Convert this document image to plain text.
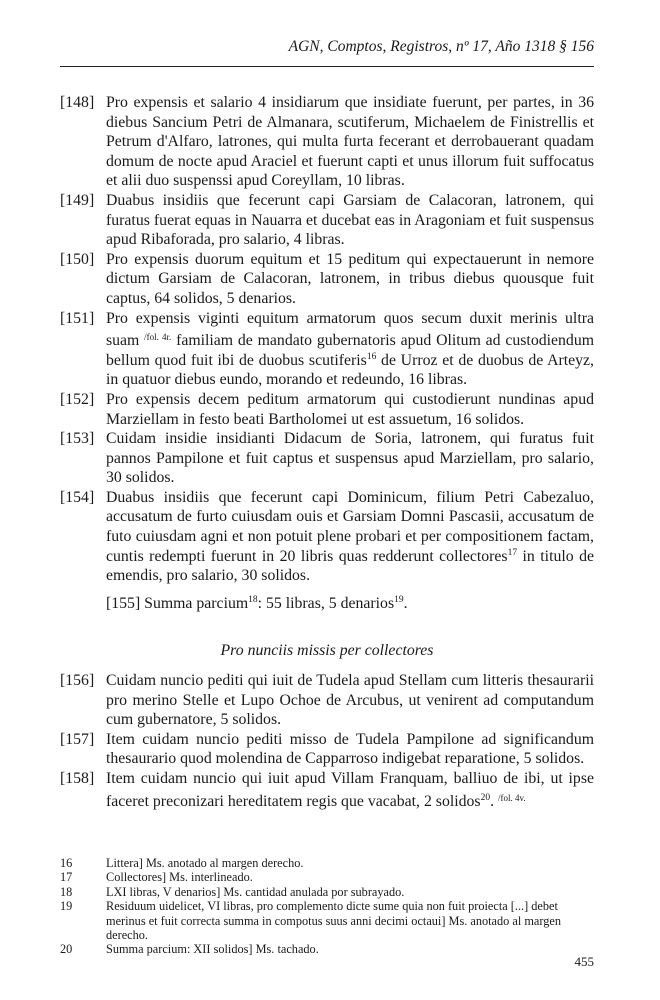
AGN, Comptos, Registros, nº 17, Año 1318 § 156
[148] Pro expensis et salario 4 insidiarum que insidiate fuerunt, per partes, in 36 diebus Sancium Petri de Almanara, scutiferum, Michaelem de Finistrellis et Petrum d'Alfaro, latrones, qui multa furta fecerant et derrobauerant quadam domum de nocte apud Araciel et fuerunt capti et unus illorum fuit suffocatus et alii duo suspenssi apud Coreyllam, 10 libras.
[149] Duabus insidiis que fecerunt capi Garsiam de Calacoran, latronem, qui furatus fuerat equas in Nauarra et ducebat eas in Aragoniam et fuit suspensus apud Ribaforada, pro salario, 4 libras.
[150] Pro expensis duorum equitum et 15 peditum qui expectauerunt in nemore dictum Garsiam de Calacoran, latronem, in tribus diebus quousque fuit captus, 64 solidos, 5 denarios.
[151] Pro expensis viginti equitum armatorum quos secum duxit merinis ultra suam $^{/fol. 4r.}$ familiam de mandato gubernatoris apud Olitum ad custodiendum bellum quod fuit ibi de duobus scutiferis$^{16}$ de Urroz et de duobus de Arteyz, in quatuor diebus eundo, morando et redeundo, 16 libras.
[152] Pro expensis decem peditum armatorum qui custodierunt nundinas apud Marziellam in festo beati Bartholomei ut est assuetum, 16 solidos.
[153] Cuidam insidie insidianti Didacum de Soria, latronem, qui furatus fuit pannos Pampilone et fuit captus et suspensus apud Marziellam, pro salario, 30 solidos.
[154] Duabus insidiis que fecerunt capi Dominicum, filium Petri Cabezaluo, accusatum de furto cuiusdam ouis et Garsiam Domni Pascasii, accusatum de futo cuiusdam agni et non potuit plene probari et per compositionem factam, cuntis redempti fuerunt in 20 libris quas redderunt collectores$^{17}$ in titulo de emendis, pro salario, 30 solidos.
[155] Summa parcium$^{18}$: 55 libras, 5 denarios$^{19}$.
Pro nunciis missis per collectores
[156] Cuidam nuncio pediti qui iuit de Tudela apud Stellam cum litteris thesaurarii pro merino Stelle et Lupo Ochoe de Arcubus, ut venirent ad computandum cum gubernatore, 5 solidos.
[157] Item cuidam nuncio pediti misso de Tudela Pampilone ad significandum thesaurario quod molendina de Capparroso indigebat reparatione, 5 solidos.
[158] Item cuidam nuncio qui iuit apud Villam Franquam, balliuo de ibi, ut ipse faceret preconizari hereditatem regis que vacabat, 2 solidos$^{20}$. $^{/fol. 4v.}$
16	Littera] Ms. anotado al margen derecho.
17	Collectores] Ms. interlineado.
18	LXI libras, V denarios] Ms. cantidad anulada por subrayado.
19	Residuum uidelicet, VI libras, pro complemento dicte sume quia non fuit proiecta [...] debet merinus et fuit correcta summa in compotus suus anni decimi octaui] Ms. anotado al margen derecho.
20	Summa parcium: XII solidos] Ms. tachado.
455
